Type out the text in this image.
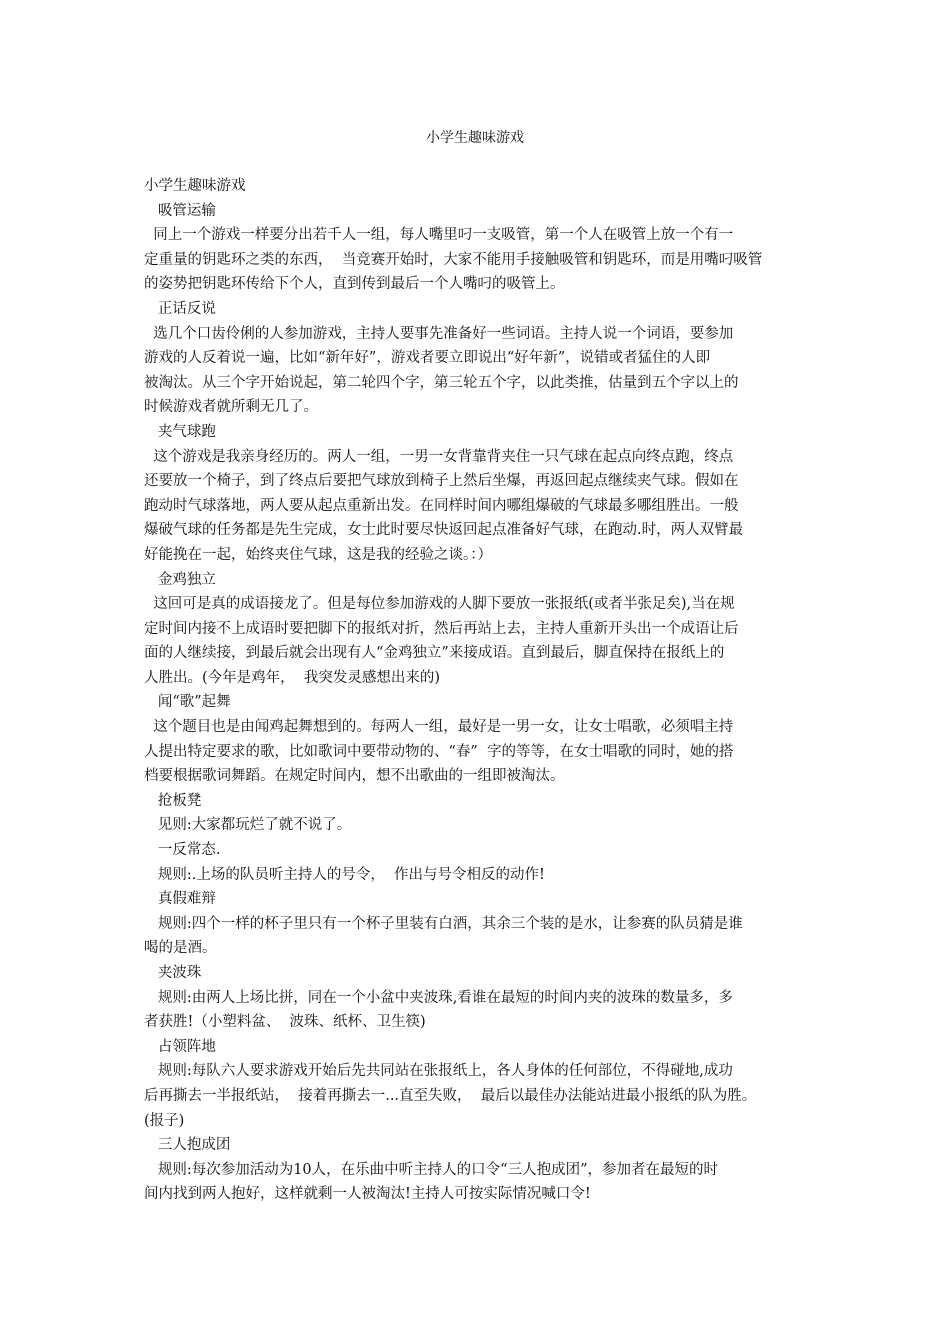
小学生趣味游戏

小学生趣味游戏

吸管运输

同上一个游戏一样要分出若千人一组，每人嘴里叼一支吸管，第一个人在吸管上放一个有一

定重量的钥匙环之类的东西，  当竞赛开始时，大家不能用手接触吸管和钥匙环，而是用嘴叼吸管

的姿势把钥匙环传给下个人，直到传到最后一个人嘴叼的吸管上。

正话反说

选几个口齿伶俐的人参加游戏，主持人要事先准备好一些词语。主持人说一个词语，要参加

游戏的人反着说一遍，比如“新年好”，游戏者要立即说出“好年新”，说错或者猛住的人即

被淘汰。从三个字开始说起，第二轮四个字，第三轮五个字，以此类推，估量到五个字以上的

时候游戏者就所剩无几了。

夹气球跑

这个游戏是我亲身经历的。两人一组，一男一女背靠背夹住一只气球在起点向终点跑，终点

还要放一个椅子，到了终点后要把气球放到椅子上然后坐爆，再返回起点继续夹气球。假如在

跑动时气球落地，两人要从起点重新出发。在同样时间内哪组爆破的气球最多哪组胜出。一般

爆破气球的任务都是先生完成，女士此时要尽快返回起点准备好气球，在跑动.时，两人双臂最

好能挽在一起，始终夹住气球，这是我的经验之谈。：）

金鸡独立

这回可是真的成语接龙了。但是每位参加游戏的人脚下要放一张报纸(或者半张足矣),当在规

定时间内接不上成语时要把脚下的报纸对折，然后再站上去，主持人重新开头出一个成语让后

面的人继续接，到最后就会出现有人“金鸡独立”来接成语。直到最后，脚直保持在报纸上的

人胜出。(今年是鸡年，  我突发灵感想出来的)

闻“歌”起舞

这个题目也是由闻鸡起舞想到的。每两人一组，最好是一男一女，让女士唱歌，必须唱主持

人提出特定要求的歌，比如歌词中要带动物的、“春”  字的等等，在女士唱歌的同时，她的搭

档要根据歌词舞蹈。在规定时间内，想不出歌曲的一组即被淘汰。

抢板凳

见则:大家都玩烂了就不说了。

一反常态.

规则:.上场的队员听主持人的号令，  作出与号令相反的动作!

真假难辩

规则:四个一样的杯子里只有一个杯子里装有白酒，其余三个装的是水，让参赛的队员猜是谁

喝的是酒。

夹波珠

规则:由两人上场比拼，同在一个小盆中夹波珠,看谁在最短的时间内夹的波珠的数量多，多

者获胜!（小塑料盆、  波珠、纸杯、卫生筷)

占领阵地

规则:每队六人要求游戏开始后先共同站在张报纸上，各人身体的任何部位，不得碰地,成功

后再撕去一半报纸站，  接着再撕去一...直至失败，  最后以最佳办法能站进最小报纸的队为胜。

(报子)

三人抱成团

规则:每次参加活动为10人，在乐曲中听主持人的口令“三人抱成团”，参加者在最短的时

间内找到两人抱好，这样就剩一人被淘汰!主持人可按实际情况喊口令!
